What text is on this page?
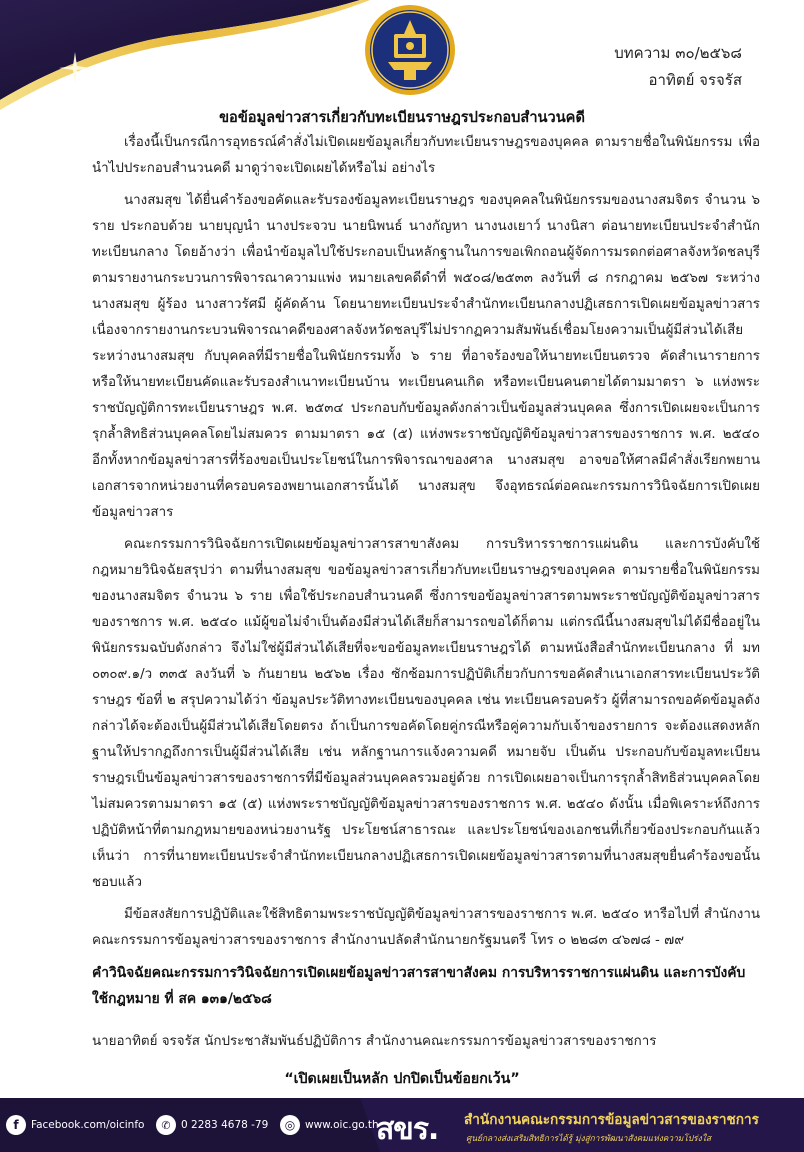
บทความ ๓๐/๒๕๖๘
อาทิตย์ จรจรัส
ขอข้อมูลข่าวสารเกี่ยวกับทะเบียนราษฎรประกอบสำนวนคดี

เรื่องนี้เป็นกรณีการอุทธรณ์คำสั่งไม่เปิดเผยข้อมูลเกี่ยวกับทะเบียนราษฎรของบุคคล ตามรายชื่อในพินัยกรรม เพื่อนำไปประกอบสำนวนคดี มาดูว่าจะเปิดเผยได้หรือไม่ อย่างไร

นางสมสุข ได้ยื่นคำร้องขอคัดและรับรองข้อมูลทะเบียนราษฎร ของบุคคลในพินัยกรรมของนางสมจิตร จำนวน ๖ ราย ประกอบด้วย นายบุญนำ นางประจวบ นายนิพนธ์ นางกัญหา นางนงเยาว์ นางนิสา ต่อนายทะเบียนประจำสำนักทะเบียนกลาง โดยอ้างว่า เพื่อนำข้อมูลไปใช้ประกอบเป็นหลักฐานในการขอเพิกถอนผู้จัดการมรดกต่อศาลจังหวัดชลบุรี ตามรายงานกระบวนการพิจารณาความแพ่ง หมายเลขคดีดำที่ พ๕๐๘/๒๕๓๓ ลงวันที่ ๘ กรกฎาคม ๒๕๖๗ ระหว่างนางสมสุข ผู้ร้อง นางสาวรัศมี ผู้คัดค้าน โดยนายทะเบียนประจำสำนักทะเบียนกลางปฏิเสธการเปิดเผยข้อมูลข่าวสาร เนื่องจากรายงานกระบวนพิจารณาคดีของศาลจังหวัดชลบุรีไม่ปรากฏความสัมพันธ์เชื่อมโยงความเป็นผู้มีส่วนได้เสียระหว่างนางสมสุข กับบุคคลที่มีรายชื่อในพินัยกรรมทั้ง ๖ ราย ที่อาจร้องขอให้นายทะเบียนตรวจ คัดสำเนารายการ หรือให้นายทะเบียนคัดและรับรองสำเนาทะเบียนบ้าน ทะเบียนคนเกิด หรือทะเบียนคนตายได้ตามมาตรา ๖ แห่งพระราชบัญญัติการทะเบียนราษฎร พ.ศ. ๒๕๓๔ ประกอบกับข้อมูลดังกล่าวเป็นข้อมูลส่วนบุคคล ซึ่งการเปิดเผยจะเป็นการรุกล้ำสิทธิส่วนบุคคลโดยไม่สมควร ตามมาตรา ๑๕ (๕) แห่งพระราชบัญญัติข้อมูลข่าวสารของราชการ พ.ศ. ๒๕๔๐ อีกทั้งหากข้อมูลข่าวสารที่ร้องขอเป็นประโยชน์ในการพิจารณาของศาล นางสมสุข อาจขอให้ศาลมีคำสั่งเรียกพยานเอกสารจากหน่วยงานที่ครอบครองพยานเอกสารนั้นได้ นางสมสุข จึงอุทธรณ์ต่อคณะกรรมการวินิจฉัยการเปิดเผยข้อมูลข่าวสาร

คณะกรรมการวินิจฉัยการเปิดเผยข้อมูลข่าวสารสาขาสังคม การบริหารราชการแผ่นดิน และการบังคับใช้กฎหมายวินิจฉัยสรุปว่า ตามที่นางสมสุข ขอข้อมูลข่าวสารเกี่ยวกับทะเบียนราษฎรของบุคคล ตามรายชื่อในพินัยกรรมของนางสมจิตร จำนวน ๖ ราย เพื่อใช้ประกอบสำนวนคดี ซึ่งการขอข้อมูลข่าวสารตามพระราชบัญญัติข้อมูลข่าวสารของราชการ พ.ศ. ๒๕๔๐ แม้ผู้ขอไม่จำเป็นต้องมีส่วนได้เสียก็สามารถขอได้ก็ตาม แต่กรณีนี้นางสมสุขไม่ได้มีชื่ออยู่ในพินัยกรรมฉบับดังกล่าว จึงไม่ใช่ผู้มีส่วนได้เสียที่จะขอข้อมูลทะเบียนราษฎรได้ ตามหนังสือสำนักทะเบียนกลาง ที่ มท ๐๓๐๙.๑/ว ๓๓๕ ลงวันที่ ๖ กันยายน ๒๕๖๒ เรื่อง ซักซ้อมการปฏิบัติเกี่ยวกับการขอคัดสำเนาเอกสารทะเบียนประวัติราษฎร ข้อที่ ๒ สรุปความได้ว่า ข้อมูลประวัติทางทะเบียนของบุคคล เช่น ทะเบียนครอบครัว ผู้ที่สามารถขอคัดข้อมูลดังกล่าวได้จะต้องเป็นผู้มีส่วนได้เสียโดยตรง ถ้าเป็นการขอคัดโดยคู่กรณีหรือคู่ความกับเจ้าของรายการ จะต้องแสดงหลักฐานให้ปรากฏถึงการเป็นผู้มีส่วนได้เสีย เช่น หลักฐานการแจ้งความคดี หมายจับ เป็นต้น ประกอบกับข้อมูลทะเบียนราษฎรเป็นข้อมูลข่าวสารของราชการที่มีข้อมูลส่วนบุคคลรวมอยู่ด้วย การเปิดเผยอาจเป็นการรุกล้ำสิทธิส่วนบุคคลโดยไม่สมควรตามมาตรา ๑๕ (๕) แห่งพระราชบัญญัติข้อมูลข่าวสารของราชการ พ.ศ. ๒๕๔๐ ดังนั้น เมื่อพิเคราะห์ถึงการปฏิบัติหน้าที่ตามกฎหมายของหน่วยงานรัฐ ประโยชน์สาธารณะ และประโยชน์ของเอกชนที่เกี่ยวข้องประกอบกันแล้วเห็นว่า การที่นายทะเบียนประจำสำนักทะเบียนกลางปฏิเสธการเปิดเผยข้อมูลข่าวสารตามที่นางสมสุขยื่นคำร้องขอนั้นชอบแล้ว

มีข้อสงสัยการปฏิบัติและใช้สิทธิตามพระราชบัญญัติข้อมูลข่าวสารของราชการ พ.ศ. ๒๕๔๐ หารือไปที่ สำนักงานคณะกรรมการข้อมูลข่าวสารของราชการ สำนักงานปลัดสำนักนายกรัฐมนตรี โทร ๐ ๒๒๘๓ ๔๖๗๘ - ๗๙

คำวินิจฉัยคณะกรรมการวินิจฉัยการเปิดเผยข้อมูลข่าวสารสาขาสังคม การบริหารราชการแผ่นดิน และการบังคับใช้กฎหมาย ที่ สค ๑๓๑/๒๕๖๘
นายอาทิตย์ จรจรัส นักประชาสัมพันธ์ปฏิบัติการ สำนักงานคณะกรรมการข้อมูลข่าวสารของราชการ
“เปิดเผยเป็นหลัก ปกปิดเป็นข้อยกเว้น”
f	Facebook.com/oicinfo	✆ 0 2283 4678 -79	◎ www.oic.go.th
สขร. สำนักงานคณะกรรมการข้อมูลข่าวสารของราชการ
ศูนย์กลางส่งเสริมสิทธิการได้รู้ มุ่งสู่การพัฒนาสังคมแห่งความโปร่งใส
